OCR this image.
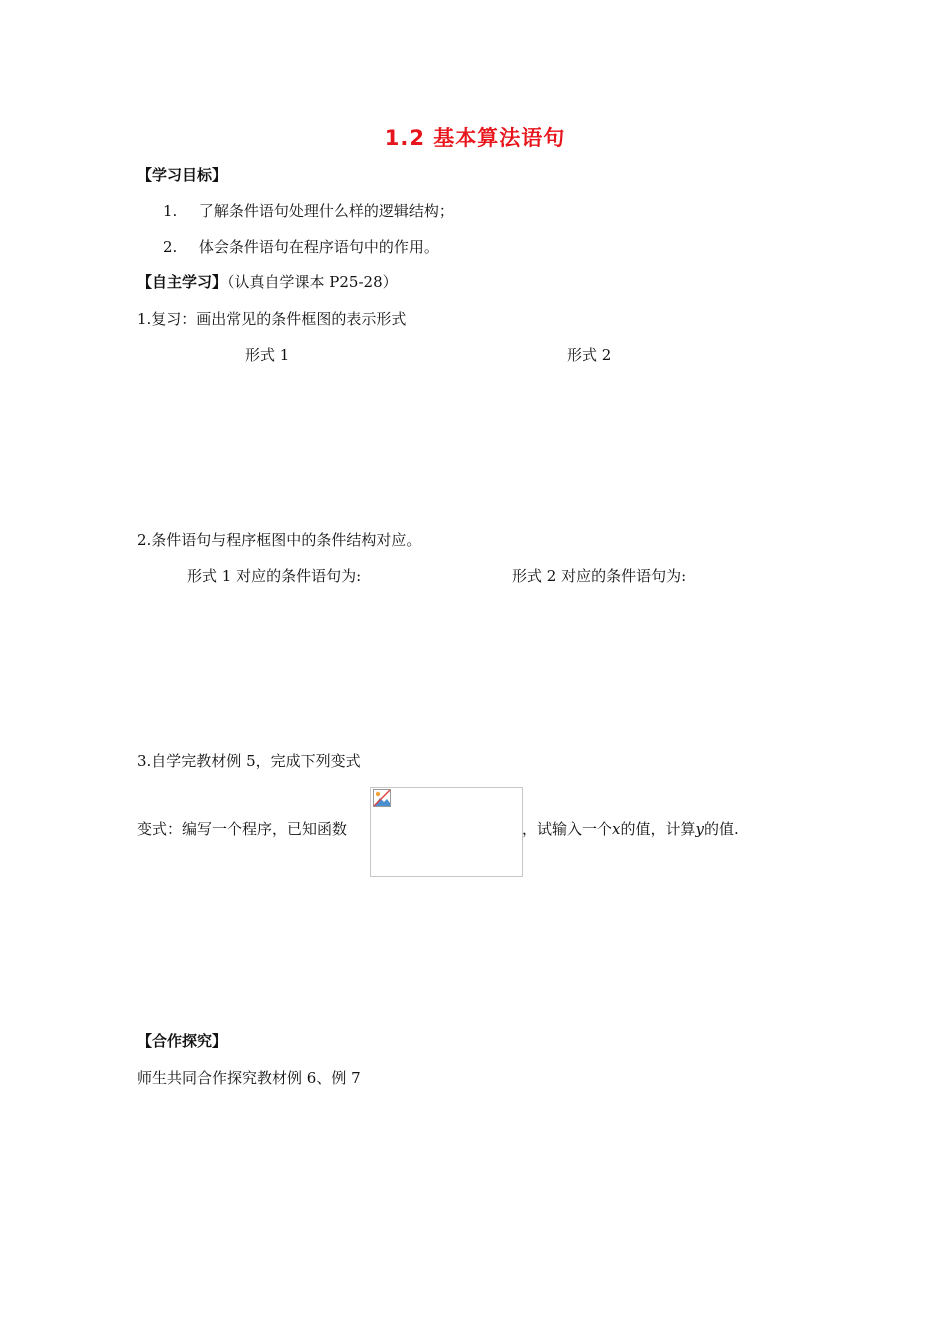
1.2 基本算法语句
【学习目标】
1. 了解条件语句处理什么样的逻辑结构；
2. 体会条件语句在程序语句中的作用。
【自主学习】（认真自学课本 P25-28）
1.复习：画出常见的条件框图的表示形式
形式 1	形式 2
2.条件语句与程序框图中的条件结构对应。
形式 1 对应的条件语句为:	形式 2 对应的条件语句为:
3.自学完教材例 5，完成下列变式
变式：编写一个程序，已知函数	，试输入一个x的值，计算y的值.
【合作探究】
师生共同合作探究教材例 6、例 7
